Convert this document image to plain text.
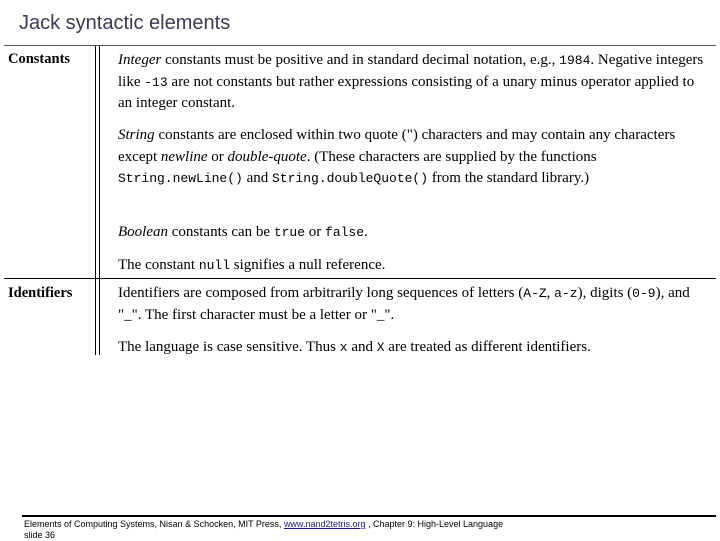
Jack syntactic elements
Constants	Integer constants must be positive and in standard decimal notation, e.g., 1984. Negative integers like -13 are not constants but rather expressions consisting of a unary minus operator applied to an integer constant.

String constants are enclosed within two quote (") characters and may contain any characters except newline or double-quote. (These characters are supplied by the functions String.newLine() and String.doubleQuote() from the standard library.)

Boolean constants can be true or false.

The constant null signifies a null reference.

Identifiers	Identifiers are composed from arbitrarily long sequences of letters (A-Z, a-z), digits (0-9), and "_". The first character must be a letter or "_".

The language is case sensitive. Thus x and X are treated as different identifiers.

Elements of Computing Systems, Nisan & Schocken, MIT Press, www.nand2tetris.org , Chapter 9: High-Level Language
slide 36
